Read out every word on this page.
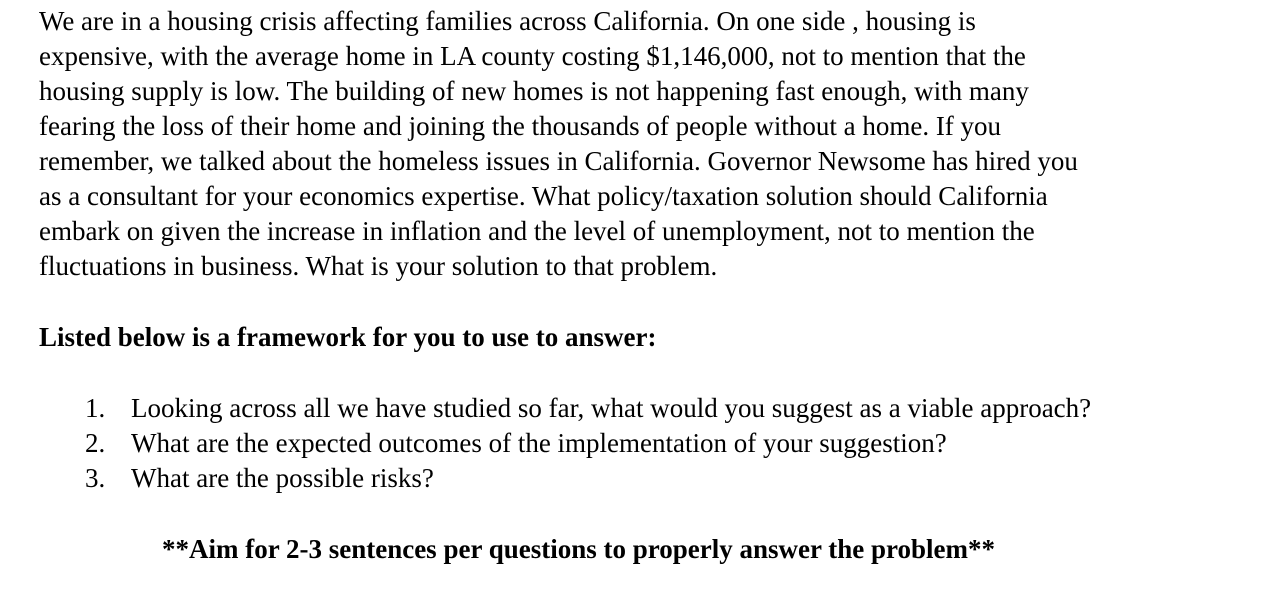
We are in a housing crisis affecting families across California. On one side , housing is
expensive, with the average home in LA county costing $1,146,000, not to mention that the
housing supply is low. The building of new homes is not happening fast enough, with many
fearing the loss of their home and joining the thousands of people without a home. If you
remember, we talked about the homeless issues in California. Governor Newsome has hired you
as a consultant for your economics expertise. What policy/taxation solution should California
embark on given the increase in inflation and the level of unemployment, not to mention the
fluctuations in business. What is your solution to that problem.
Listed below is a framework for you to use to answer:
1. Looking across all we have studied so far, what would you suggest as a viable approach?
2. What are the expected outcomes of the implementation of your suggestion?
3. What are the possible risks?
**Aim for 2-3 sentences per questions to properly answer the problem**
